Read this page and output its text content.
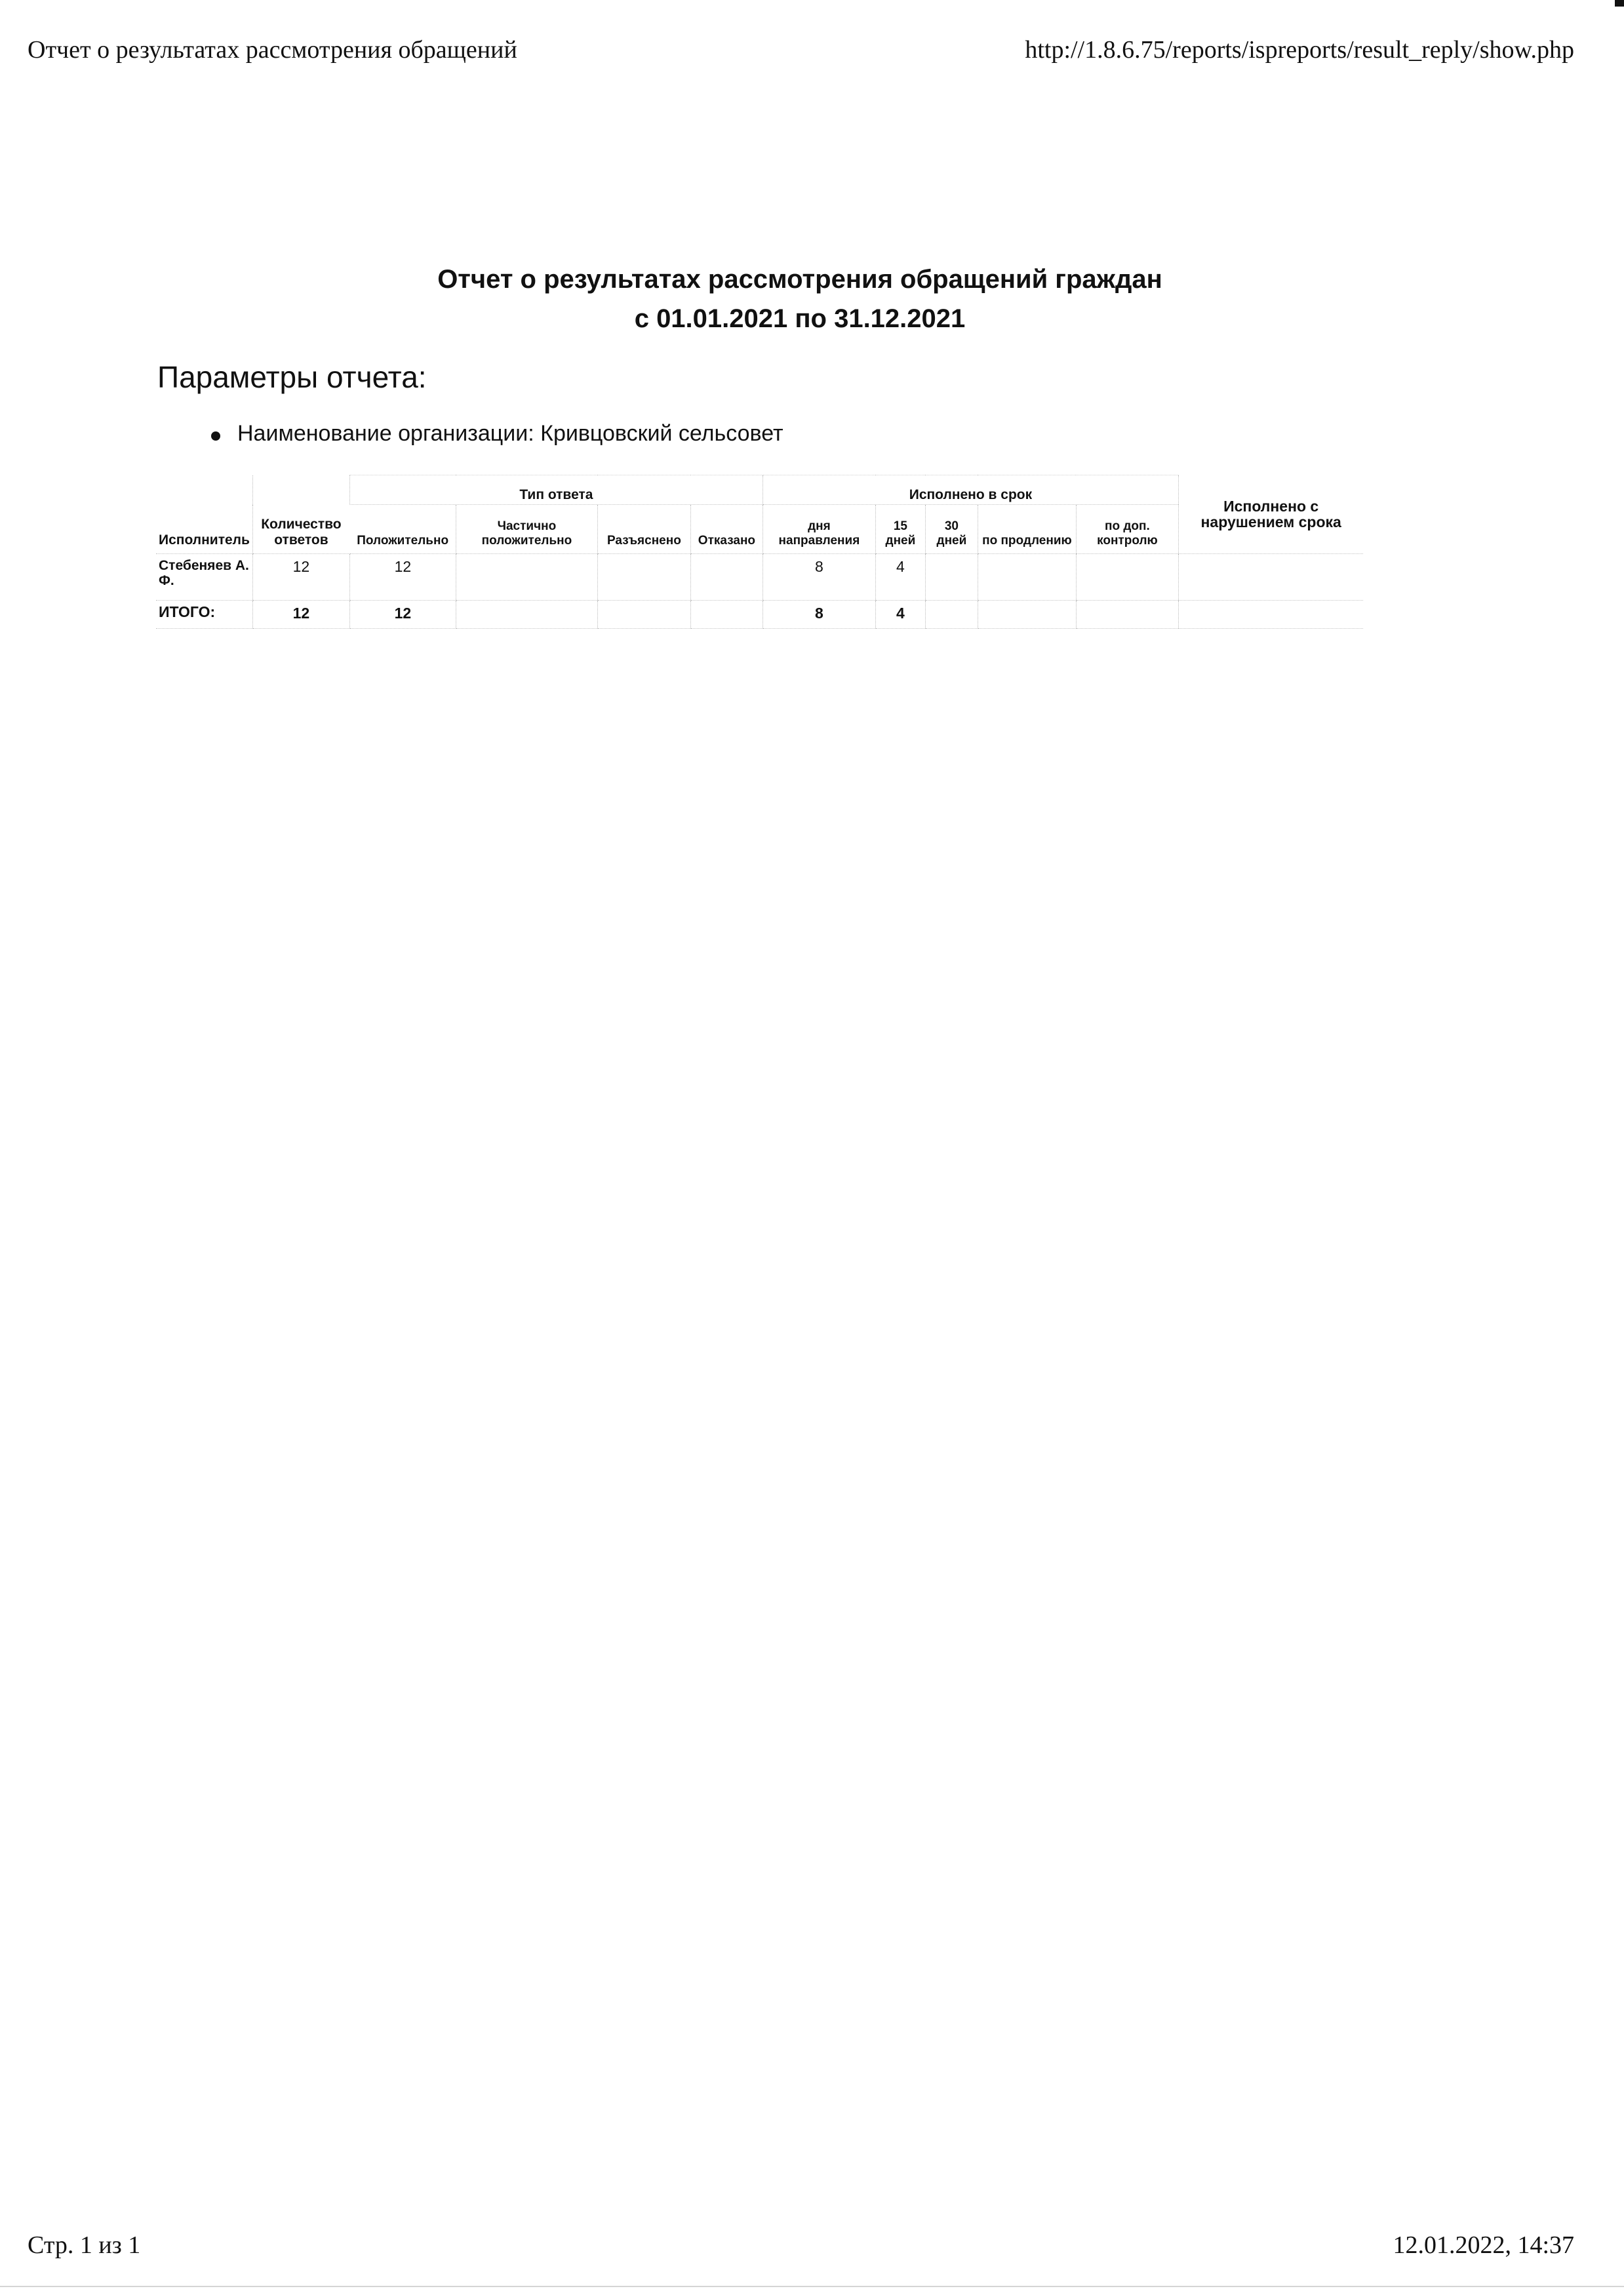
Отчет о результатах рассмотрения обращений	http://1.8.6.75/reports/ispreports/result_reply/show.php
Отчет о результатах рассмотрения обращений граждан
с 01.01.2021 по 31.12.2021
Параметры отчета:
Наименование организации: Кривцовский сельсовет
Исполнитель	Количество ответов	Тип ответа				Исполнено в срок					Исполнено с нарушением срока
		Положительно	Частично положительно	Разъяснено	Отказано	дня направления	15 дней	30 дней	по продлению	по доп. контролю	
Стебеняев А. Ф.	12	12				8	4				
ИТОГО:	12	12				8	4				
Стр. 1 из 1	12.01.2022, 14:37
